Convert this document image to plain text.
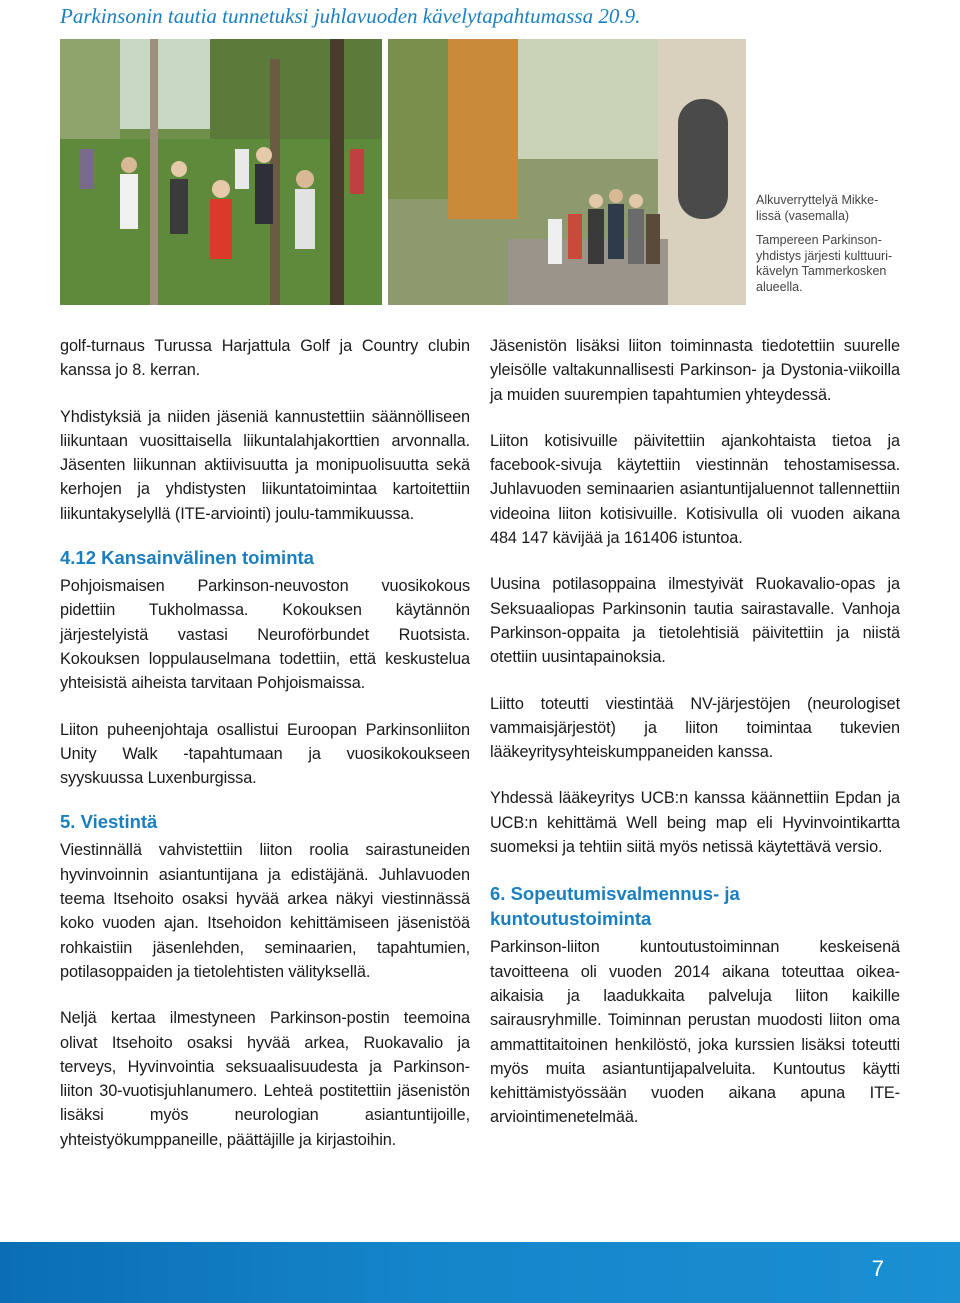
Parkinsonin tautia tunnetuksi juhlavuoden kävelytapahtumassa 20.9.

Alkuverryttelyä Mikke-lissä (vasemalla)

Tampereen Parkinson-yhdistys järjesti kulttuuri-kävelyn Tammerkosken alueella.

golf-turnaus Turussa Harjattula Golf ja Country clubin kanssa jo 8. kerran.

Yhdistyksiä ja niiden jäseniä kannustettiin säännölliseen liikuntaan vuosittaisella liikuntalahjakorttien arvonnalla. Jäsenten liikunnan aktiivisuutta ja monipuolisuutta sekä kerhojen ja yhdistysten liikuntatoimintaa kartoitettiin liikuntakyselyllä (ITE-arviointi) joulu-tammikuussa.

4.12 Kansainvälinen toiminta

Pohjoismaisen Parkinson-neuvoston vuosikokous pidettiin Tukholmassa. Kokouksen käytännön järjestelyistä vastasi Neuroförbundet Ruotsista. Kokouksen loppulauselmana todettiin, että keskustelua yhteisistä aiheista tarvitaan Pohjoismaissa.

Liiton puheenjohtaja osallistui Euroopan Parkinsonliiton Unity Walk -tapahtumaan ja vuosikokoukseen syyskuussa Luxenburgissa.

5. Viestintä

Viestinnällä vahvistettiin liiton roolia sairastuneiden hyvinvoinnin asiantuntijana ja edistäjänä. Juhlavuoden teema Itsehoito osaksi hyvää arkea näkyi viestinnässä koko vuoden ajan. Itsehoidon kehittämiseen jäsenistöä rohkaistiin jäsenlehden, seminaarien, tapahtumien, potilasoppaiden ja tietolehtisten välityksellä.

Neljä kertaa ilmestyneen Parkinson-postin teemoina olivat Itsehoito osaksi hyvää arkea, Ruokavalio ja terveys, Hyvinvointia seksuaalisuudesta ja Parkinson-liiton 30-vuotisjuhlanumero. Lehteä postitettiin jäsenistön lisäksi myös neurologian asiantuntijoille, yhteistyökumppaneille, päättäjille ja kirjastoihin.

Jäsenistön lisäksi liiton toiminnasta tiedotettiin suurelle yleisölle valtakunnallisesti Parkinson- ja Dystonia-viikoilla ja muiden suurempien tapahtumien yhteydessä.

Liiton kotisivuille päivitettiin ajankohtaista tietoa ja facebook-sivuja käytettiin viestinnän tehostamisessa. Juhlavuoden seminaarien asiantuntijaluennot tallennettiin videoina liiton kotisivuille. Kotisivulla oli vuoden aikana 484 147 kävijää ja 161406 istuntoa.

Uusina potilasoppaina ilmestyivät Ruokavalio-opas ja Seksuaaliopas Parkinsonin tautia sairastavalle. Vanhoja Parkinson-oppaita ja tietolehtisiä päivitettiin ja niistä otettiin uusintapainoksia.

Liitto toteutti viestintää NV-järjestöjen (neurologiset vammaisjärjestöt) ja liiton toimintaa tukevien lääkeyritysyhteiskumppaneiden kanssa.

Yhdessä lääkeyritys UCB:n kanssa käännettiin Epdan ja UCB:n kehittämä Well being map eli Hyvinvointikartta suomeksi ja tehtiin siitä myös netissä käytettävä versio.

6. Sopeutumisvalmennus- ja kuntoutustoiminta

Parkinson-liiton kuntoutustoiminnan keskeisenä tavoitteena oli vuoden 2014 aikana toteuttaa oikea-aikaisia ja laadukkaita palveluja liiton kaikille sairausryhmille. Toiminnan perustan muodosti liiton oma ammattitaitoinen henkilöstö, joka kurssien lisäksi toteutti myös muita asiantuntijapalveluita. Kuntoutus käytti kehittämistyössään vuoden aikana apuna ITE-arviointimenetelmää.

7
